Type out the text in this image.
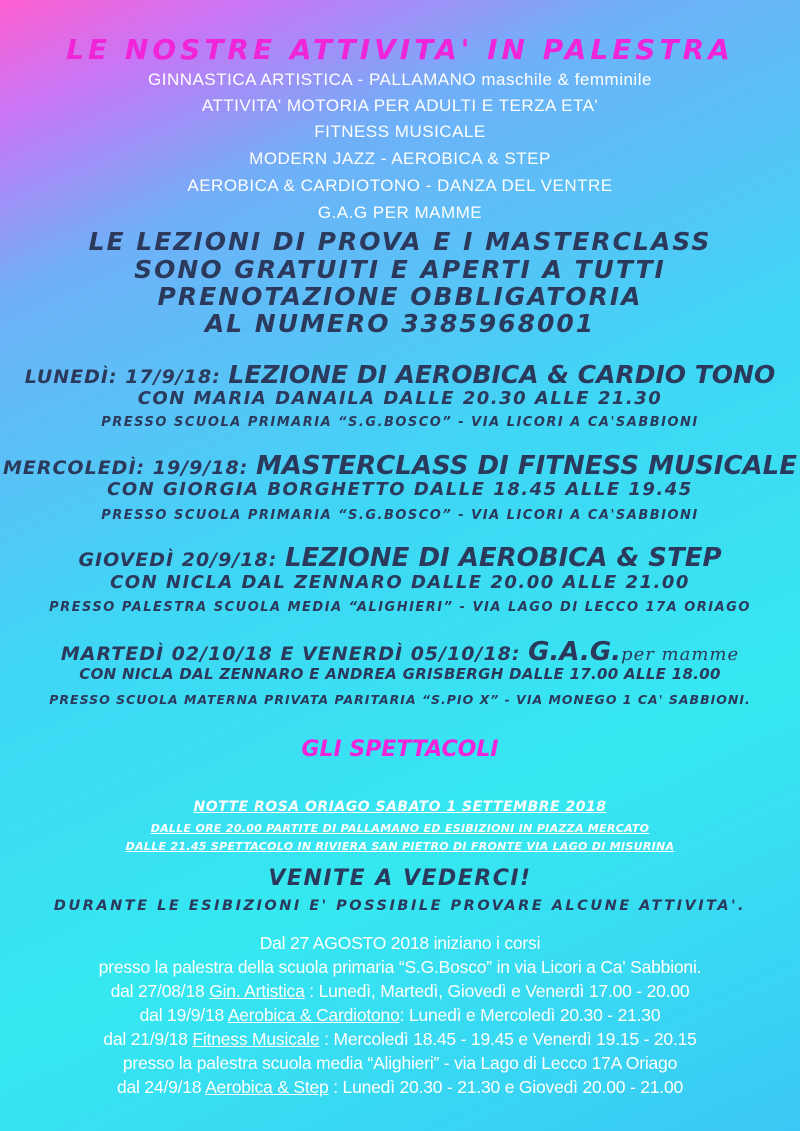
LE NOSTRE ATTIVITA' IN PALESTRA
GINNASTICA ARTISTICA - PALLAMANO maschile & femminile
ATTIVITA' MOTORIA PER ADULTI E TERZA ETA'
FITNESS MUSICALE
MODERN JAZZ - AEROBICA & STEP
AEROBICA & CARDIOTONO - DANZA DEL VENTRE
G.A.G PER MAMME
LE LEZIONI DI PROVA E I MASTERCLASS
SONO GRATUITI E APERTI A TUTTI
PRENOTAZIONE OBBLIGATORIA
AL NUMERO 3385968001
LUNEDÌ: 17/9/18: LEZIONE DI AEROBICA & CARDIO TONO
CON MARIA DANAILA DALLE 20.30 ALLE 21.30
PRESSO SCUOLA PRIMARIA “S.G.BOSCO” - VIA LICORI A CA'SABBIONI
MERCOLEDÌ: 19/9/18: MASTERCLASS DI FITNESS MUSICALE
CON GIORGIA BORGHETTO DALLE 18.45 ALLE 19.45
PRESSO SCUOLA PRIMARIA “S.G.BOSCO” - VIA LICORI A CA'SABBIONI
GIOVEDÌ 20/9/18: LEZIONE DI AEROBICA & STEP
CON NICLA DAL ZENNARO DALLE 20.00 ALLE 21.00
PRESSO PALESTRA SCUOLA MEDIA “ALIGHIERI” - VIA LAGO DI LECCO 17A ORIAGO
MARTEDÌ 02/10/18 E VENERDÌ 05/10/18: G.A.G.per mamme
CON NICLA DAL ZENNARO E ANDREA GRISBERGH DALLE 17.00 ALLE 18.00
PRESSO SCUOLA MATERNA PRIVATA PARITARIA “S.PIO X” - VIA MONEGO 1 CA' SABBIONI.
GLI SPETTACOLI
NOTTE ROSA ORIAGO SABATO 1 SETTEMBRE 2018
DALLE ORE 20.00 PARTITE DI PALLAMANO ED ESIBIZIONI IN PIAZZA MERCATO
DALLE 21.45 SPETTACOLO IN RIVIERA SAN PIETRO DI FRONTE VIA LAGO DI MISURINA
VENITE A VEDERCI!
DURANTE LE ESIBIZIONI E' POSSIBILE PROVARE ALCUNE ATTIVITA'.
Dal 27 AGOSTO 2018 iniziano i corsi
presso la palestra della scuola primaria “S.G.Bosco” in via Licori a Ca' Sabbioni.
dal 27/08/18 Gin. Artistica : Lunedì, Martedì, Giovedì e Venerdì 17.00 - 20.00
dal 19/9/18 Aerobica & Cardiotono: Lunedì e Mercoledì 20.30 - 21.30
dal 21/9/18 Fitness Musicale : Mercoledì 18.45 - 19.45 e Venerdì 19.15 - 20.15
presso la palestra scuola media “Alighieri” - via Lago di Lecco 17A Oriago
dal 24/9/18 Aerobica & Step : Lunedì 20.30 - 21.30 e Giovedì 20.00 - 21.00
